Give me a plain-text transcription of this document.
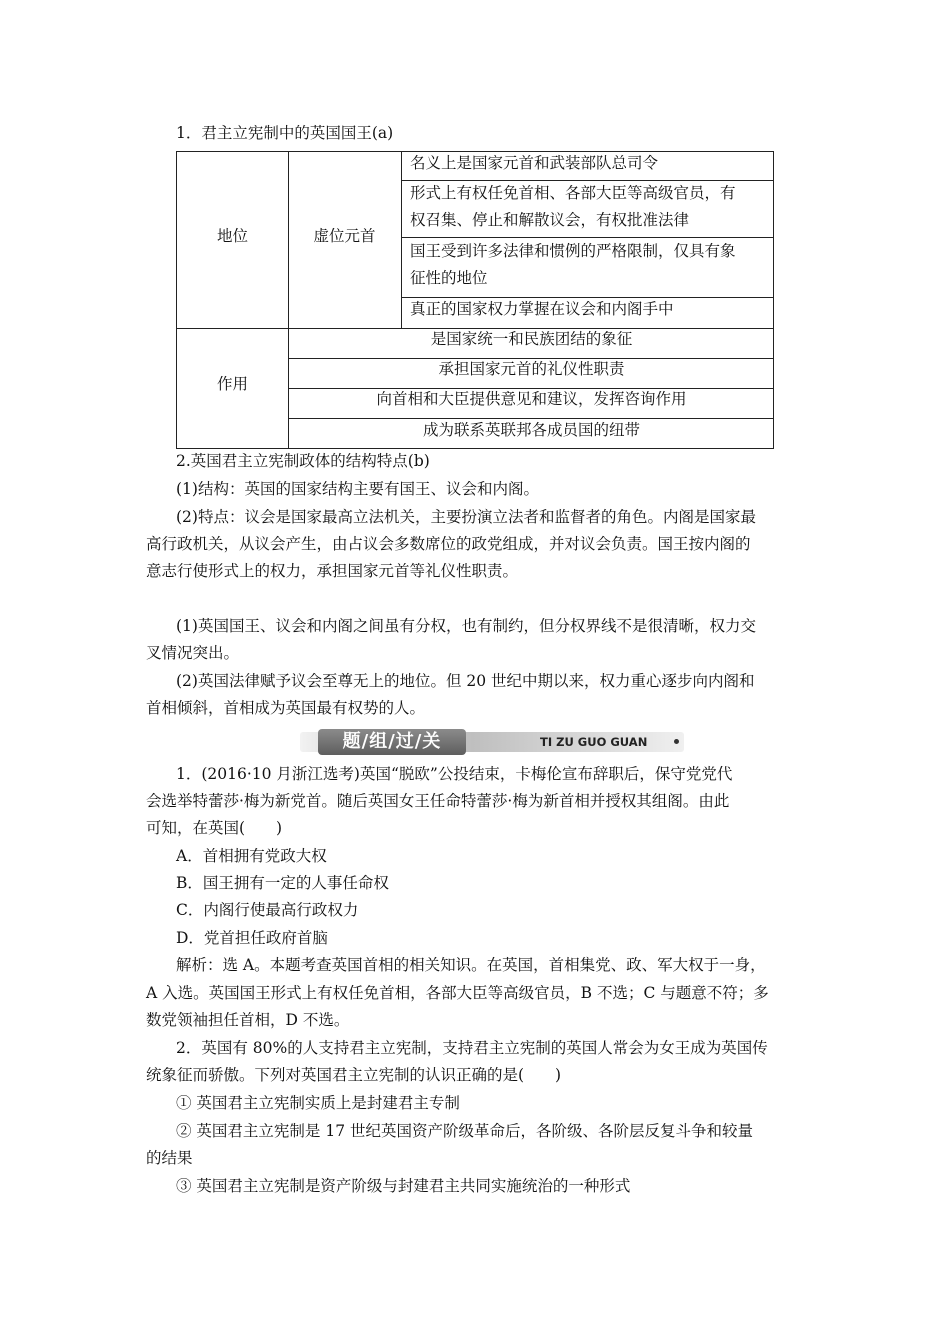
1．君主立宪制中的英国国王(a)
地位	虚位元首
名义上是国家元首和武装部队总司令
形式上有权任免首相、各部大臣等高级官员，有
权召集、停止和解散议会，有权批准法律
国王受到许多法律和惯例的严格限制，仅具有象
征性的地位
真正的国家权力掌握在议会和内阁手中
作用
是国家统一和民族团结的象征
承担国家元首的礼仪性职责
向首相和大臣提供意见和建议，发挥咨询作用
成为联系英联邦各成员国的纽带
2.英国君主立宪制政体的结构特点(b)
(1)结构：英国的国家结构主要有国王、议会和内阁。
(2)特点：议会是国家最高立法机关，主要扮演立法者和监督者的角色。内阁是国家最
高行政机关，从议会产生，由占议会多数席位的政党组成，并对议会负责。国王按内阁的
意志行使形式上的权力，承担国家元首等礼仪性职责。
(1)英国国王、议会和内阁之间虽有分权，也有制约，但分权界线不是很清晰，权力交
叉情况突出。
(2)英国法律赋予议会至尊无上的地位。但 20 世纪中期以来，权力重心逐步向内阁和
首相倾斜，首相成为英国最有权势的人。
题/组/过/关	TI ZU GUO GUAN
1．(2016·10 月浙江选考)英国“脱欧”公投结束，卡梅伦宣布辞职后，保守党党代
会选举特蕾莎·梅为新党首。随后英国女王任命特蕾莎·梅为新首相并授权其组阁。由此
可知，在英国(　　)
A．首相拥有党政大权
B．国王拥有一定的人事任命权
C．内阁行使最高行政权力
D．党首担任政府首脑
解析：选 A。本题考查英国首相的相关知识。在英国，首相集党、政、军大权于一身，
A 入选。英国国王形式上有权任免首相，各部大臣等高级官员，B 不选；C 与题意不符；多
数党领袖担任首相，D 不选。
2．英国有 80%的人支持君主立宪制，支持君主立宪制的英国人常会为女王成为英国传
统象征而骄傲。下列对英国君主立宪制的认识正确的是(　　)
① 英国君主立宪制实质上是封建君主专制
② 英国君主立宪制是 17 世纪英国资产阶级革命后，各阶级、各阶层反复斗争和较量
的结果
③ 英国君主立宪制是资产阶级与封建君主共同实施统治的一种形式
